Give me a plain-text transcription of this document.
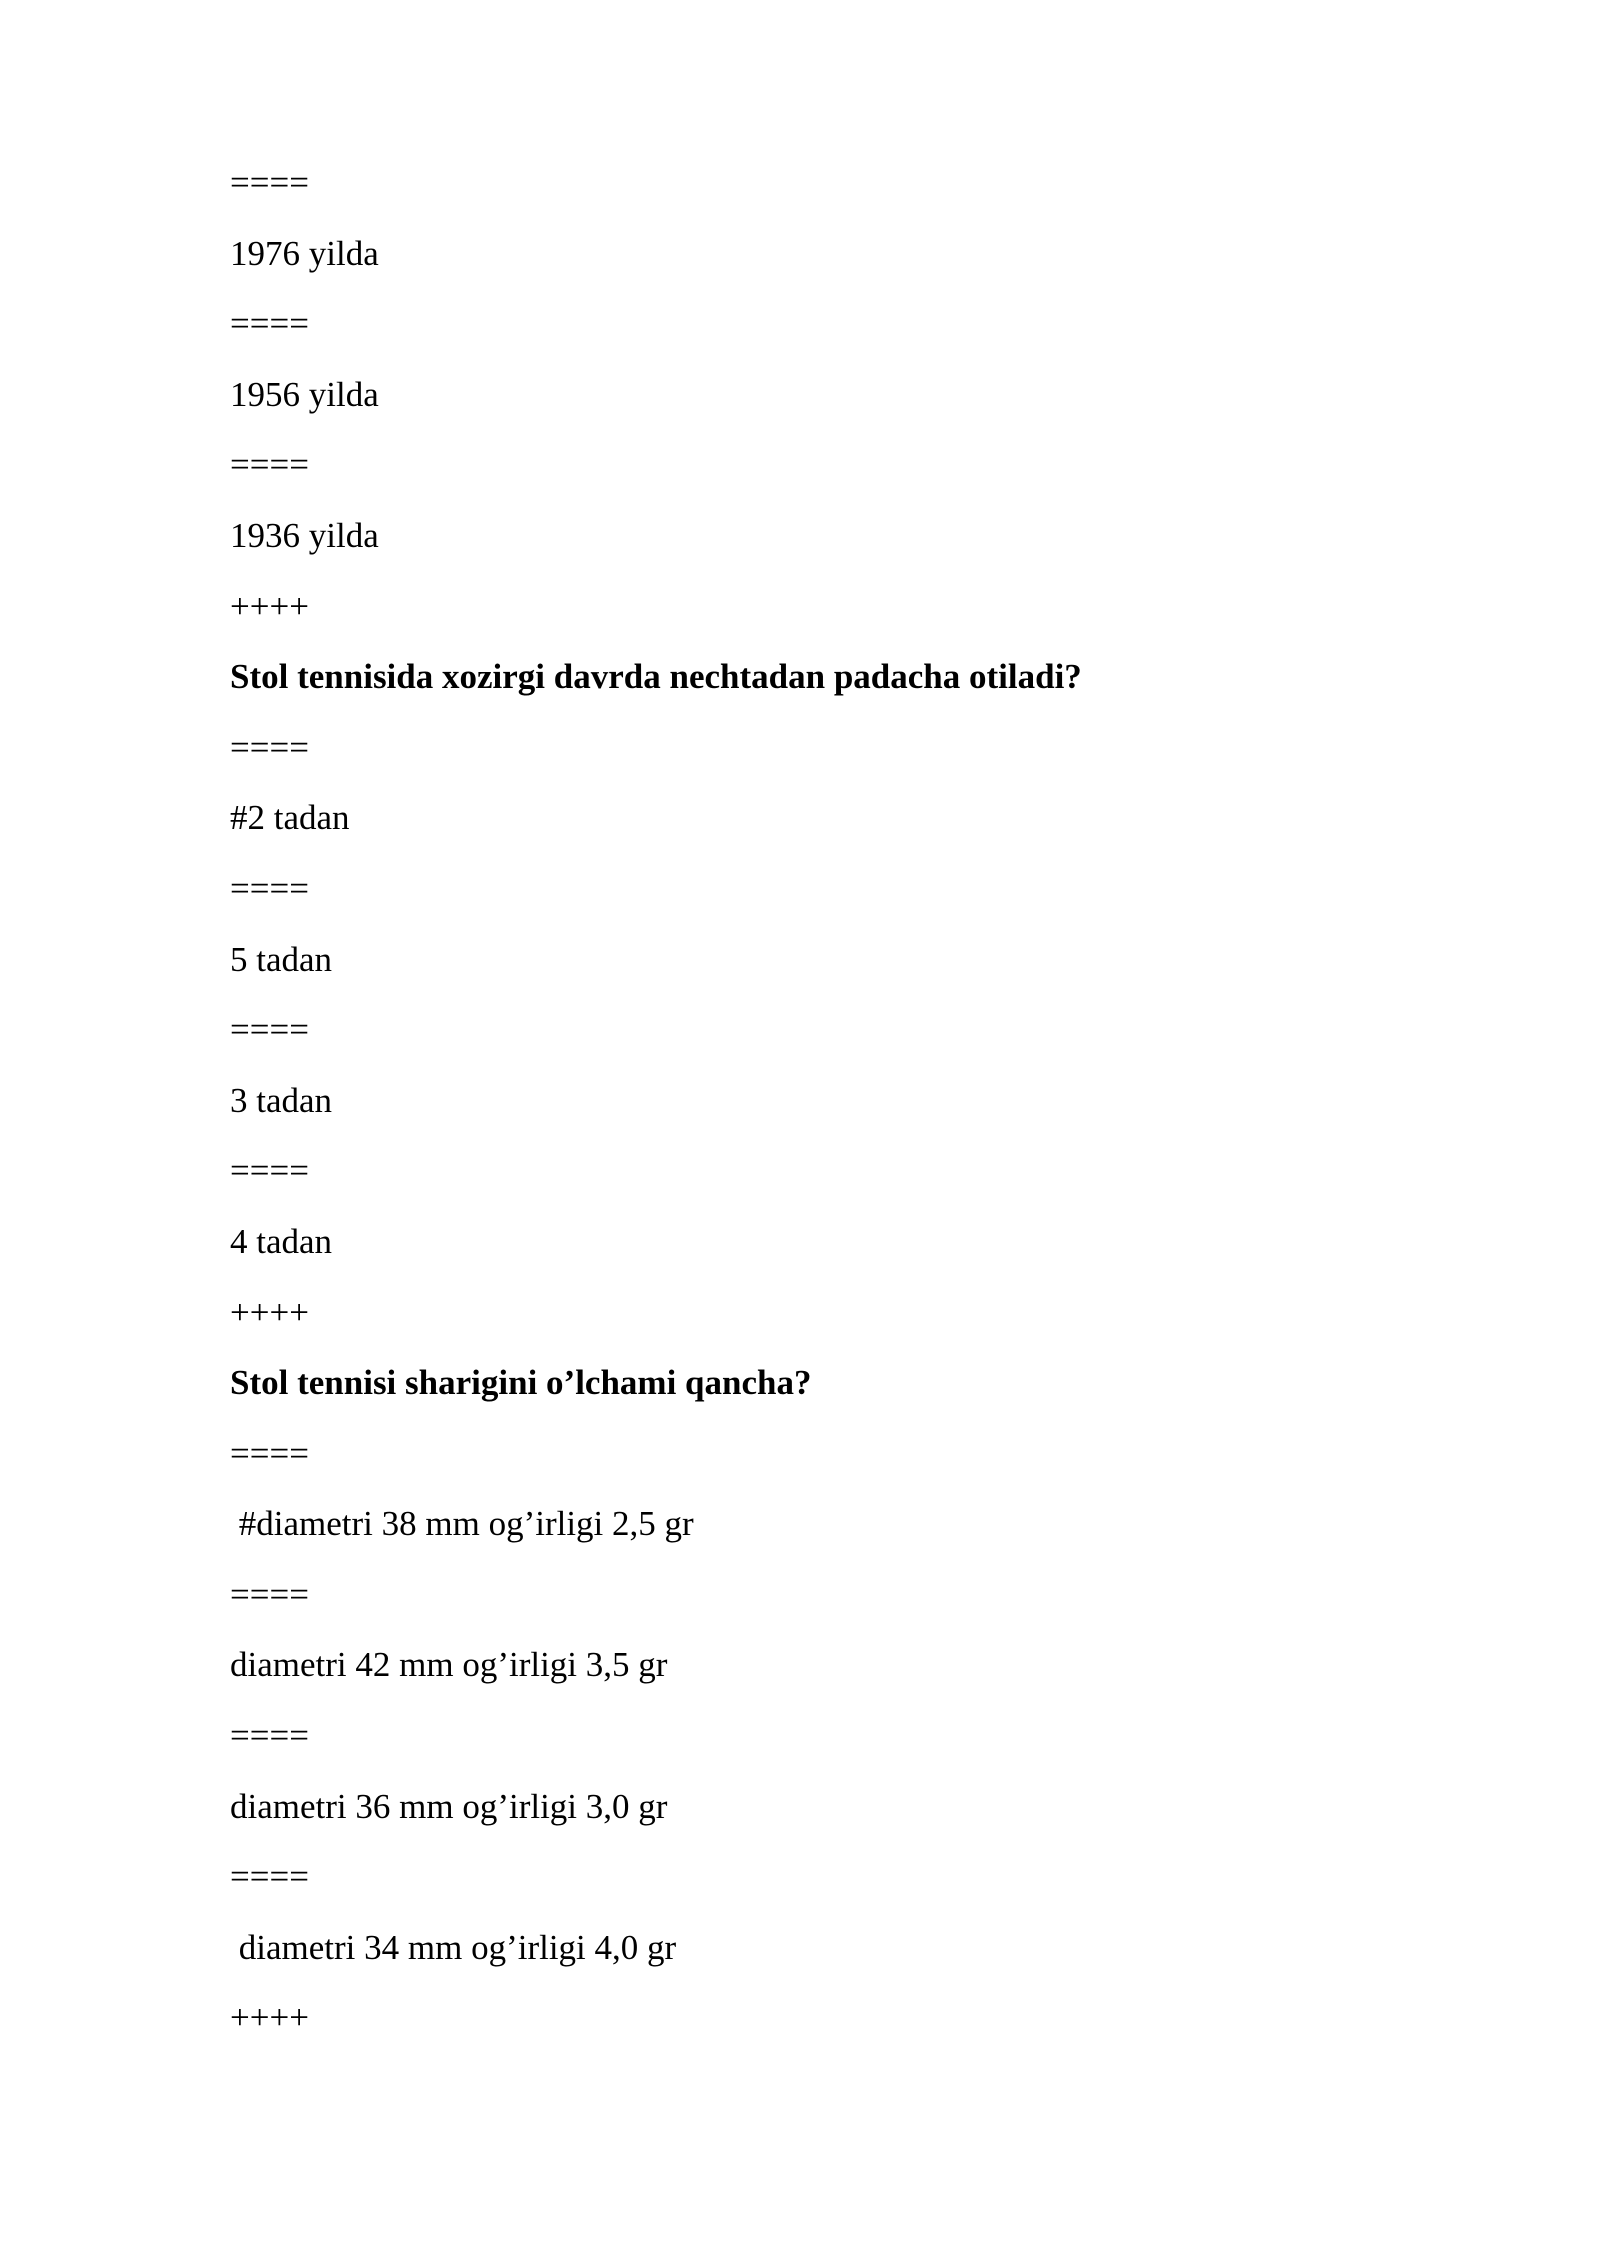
====
1976 yilda
====
1956 yilda
====
1936 yilda
++++
Stol tennisida xozirgi davrda nechtadan padacha otiladi?
====
#2 tadan
====
5 tadan
====
3 tadan
====
4 tadan
++++
Stol tennisi sharigini o’lchami qancha?
====
#diametri 38 mm og’irligi 2,5 gr
====
diametri 42 mm og’irligi 3,5 gr
====
diametri 36 mm og’irligi 3,0 gr
====
diametri 34 mm og’irligi 4,0 gr
++++
